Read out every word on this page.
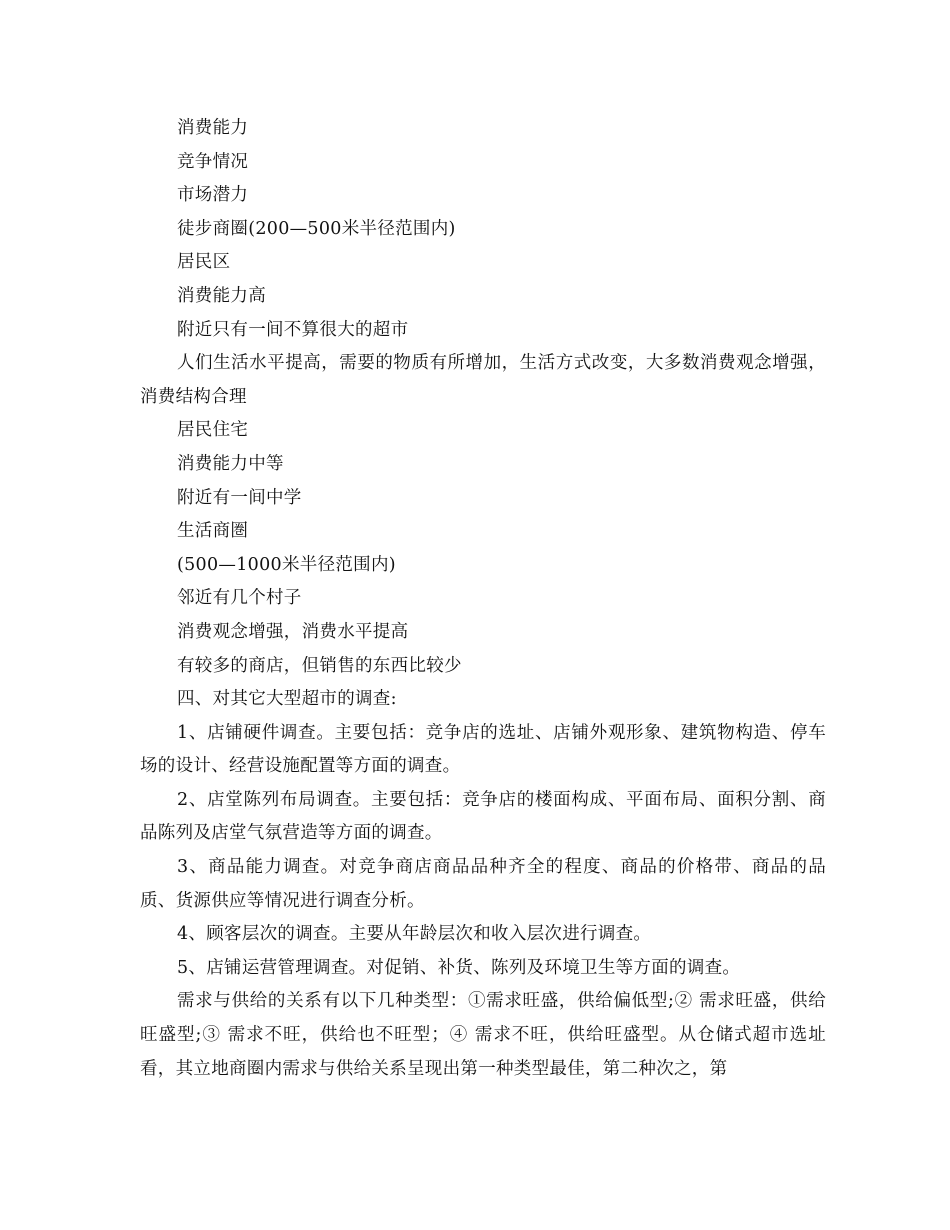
消费能力

竞争情况

市场潜力

徒步商圈(200—500米半径范围内)

居民区

消费能力高

附近只有一间不算很大的超市

人们生活水平提高，需要的物质有所增加，生活方式改变，大多数消费观念增强，消费结构合理

居民住宅

消费能力中等

附近有一间中学

生活商圏

(500—1000米半径范围内)

邻近有几个村子

消费观念增强，消费水平提高

有较多的商店，但销售的东西比较少

四、对其它大型超市的调查:

1、店铺硬件调查。主要包括：竞争店的选址、店铺外观形象、建筑物构造、停车场的设计、经营设施配置等方面的调查。

2、店堂陈列布局调查。主要包括：竞争店的楼面构成、平面布局、面积分割、商品陈列及店堂气氛营造等方面的调查。

3、商品能力调查。对竞争商店商品品种齐全的程度、商品的价格带、商品的品质、货源供应等情况进行调查分析。

4、顾客层次的调查。主要从年龄层次和收入层次进行调查。

5、店铺运营管理调查。对促销、补货、陈列及环境卫生等方面的调查。

需求与供给的关系有以下几种类型：①需求旺盛，供给偏低型;② 需求旺盛，供给旺盛型;③ 需求不旺，供给也不旺型；④ 需求不旺，供给旺盛型。从仓储式超市选址看，其立地商圈内需求与供给关系呈现出第一种类型最佳，第二种次之，第
